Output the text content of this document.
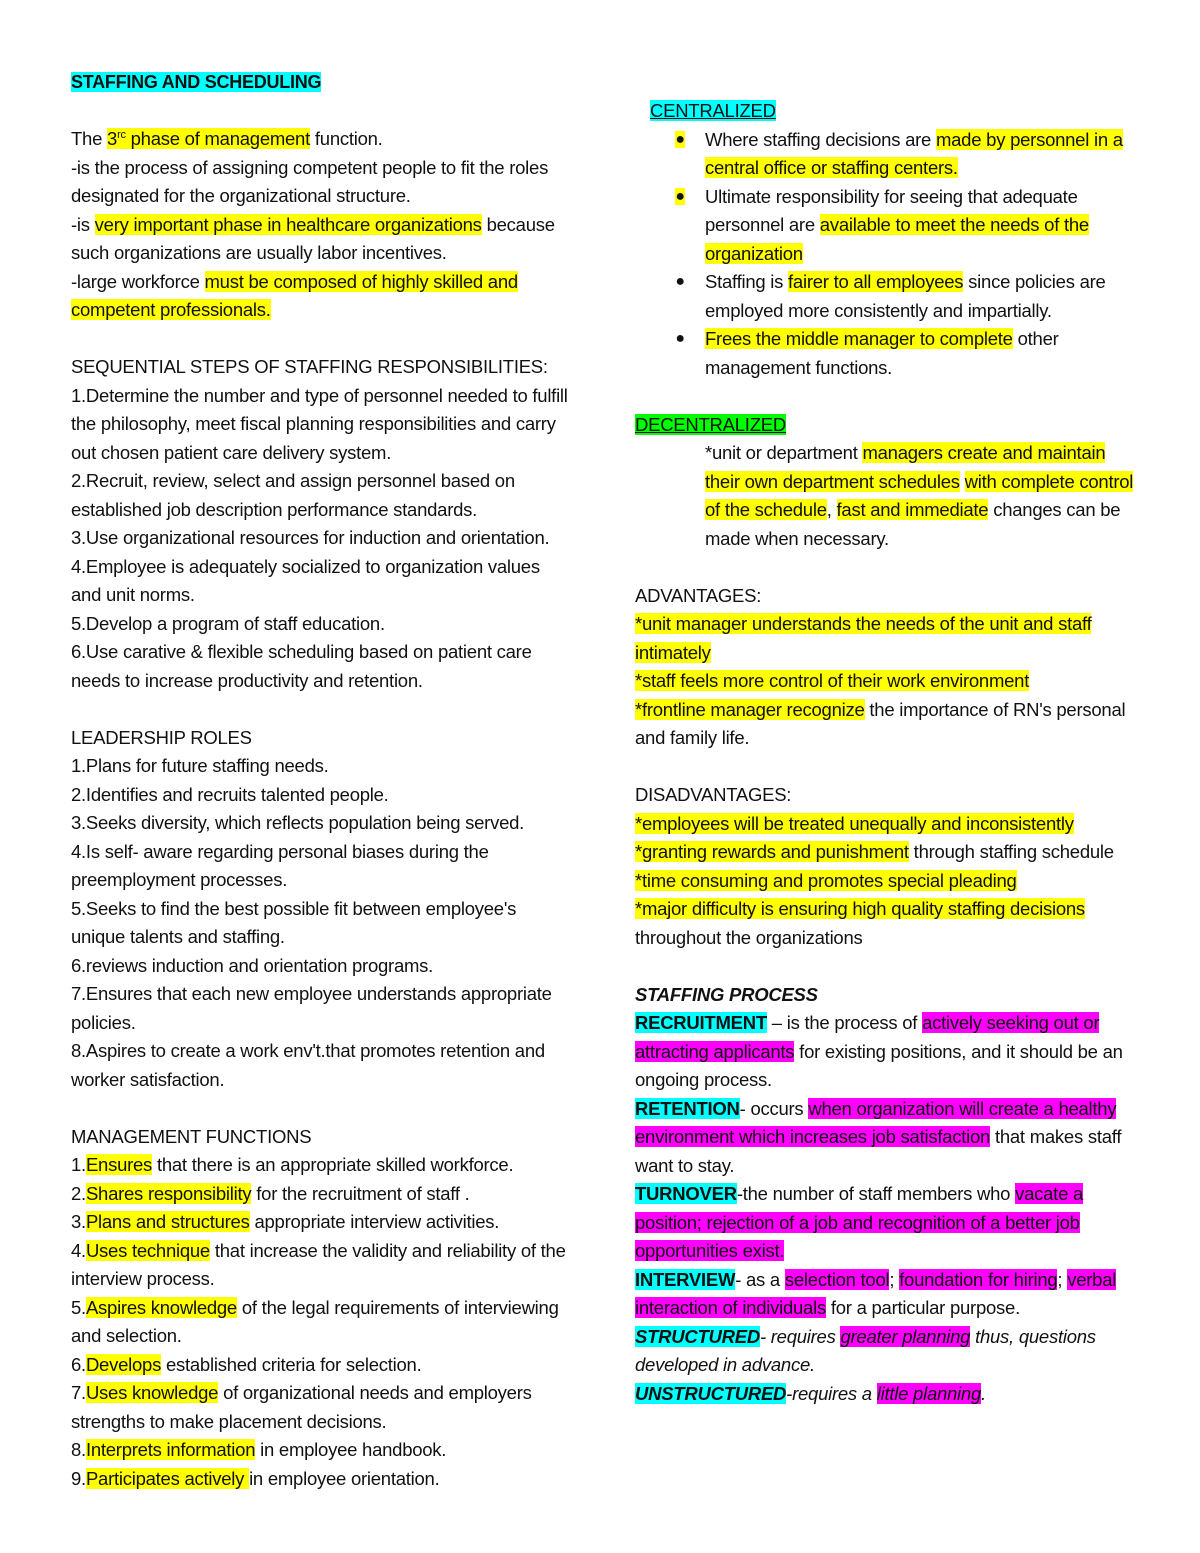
STAFFING AND SCHEDULING
The $3^{rc}$ phase of management function.
-is the process of assigning competent people to fit the roles
designated for the organizational structure.
-is very important phase in healthcare organizations because
such organizations are usually labor incentives.
-large workforce must be composed of highly skilled and
competent professionals.
SEQUENTIAL STEPS OF STAFFING RESPONSIBILITIES:
1.Determine the number and type of personnel needed to fulfill
the philosophy, meet fiscal planning responsibilities and carry
out chosen patient care delivery system.
2.Recruit, review, select and assign personnel based on
established job description performance standards.
3.Use organizational resources for induction and orientation.
4.Employee is adequately socialized to organization values
and unit norms.
5.Develop a program of staff education.
6.Use carative & flexible scheduling based on patient care
needs to increase productivity and retention.
LEADERSHIP ROLES
1.Plans for future staffing needs.
2.Identifies and recruits talented people.
3.Seeks diversity, which reflects population being served.
4.Is self- aware regarding personal biases during the
preemployment processes.
5.Seeks to find the best possible fit between employee's
unique talents and staffing.
6.reviews induction and orientation programs.
7.Ensures that each new employee understands appropriate
policies.
8.Aspires to create a work env't.that promotes retention and
worker satisfaction.
MANAGEMENT FUNCTIONS
1.Ensures that there is an appropriate skilled workforce.
2.Shares responsibility for the recruitment of staff .
3.Plans and structures appropriate interview activities.
4.Uses technique that increase the validity and reliability of the
interview process.
5.Aspires knowledge of the legal requirements of interviewing
and selection.
6.Develops established criteria for selection.
7.Uses knowledge of organizational needs and employers
strengths to make placement decisions.
8.Interprets information in employee handbook.
9.Participates actively in employee orientation.
CENTRALIZED
●	Where staffing decisions are made by personnel in a
central office or staffing centers.
●	Ultimate responsibility for seeing that adequate
personnel are available to meet the needs of the
organization
●	Staffing is fairer to all employees since policies are
employed more consistently and impartially.
●	Frees the middle manager to complete other
management functions.
DECENTRALIZED
*unit or department managers create and maintain
their own department schedules with complete control
of the schedule, fast and immediate changes can be
made when necessary.
ADVANTAGES:
*unit manager understands the needs of the unit and staff
intimately
*staff feels more control of their work environment
*frontline manager recognize the importance of RN's personal
and family life.
DISADVANTAGES:
*employees will be treated unequally and inconsistently
*granting rewards and punishment through staffing schedule
*time consuming and promotes special pleading
*major difficulty is ensuring high quality staffing decisions
throughout the organizations
STAFFING PROCESS
RECRUITMENT – is the process of actively seeking out or
attracting applicants for existing positions, and it should be an
ongoing process.
RETENTION- occurs when organization will create a healthy
environment which increases job satisfaction that makes staff
want to stay.
TURNOVER-the number of staff members who vacate a
position; rejection of a job and recognition of a better job
opportunities exist.
INTERVIEW- as a selection tool; foundation for hiring; verbal
interaction of individuals for a particular purpose.
STRUCTURED- requires greater planning thus, questions
developed in advance.
UNSTRUCTURED-requires a little planning.
